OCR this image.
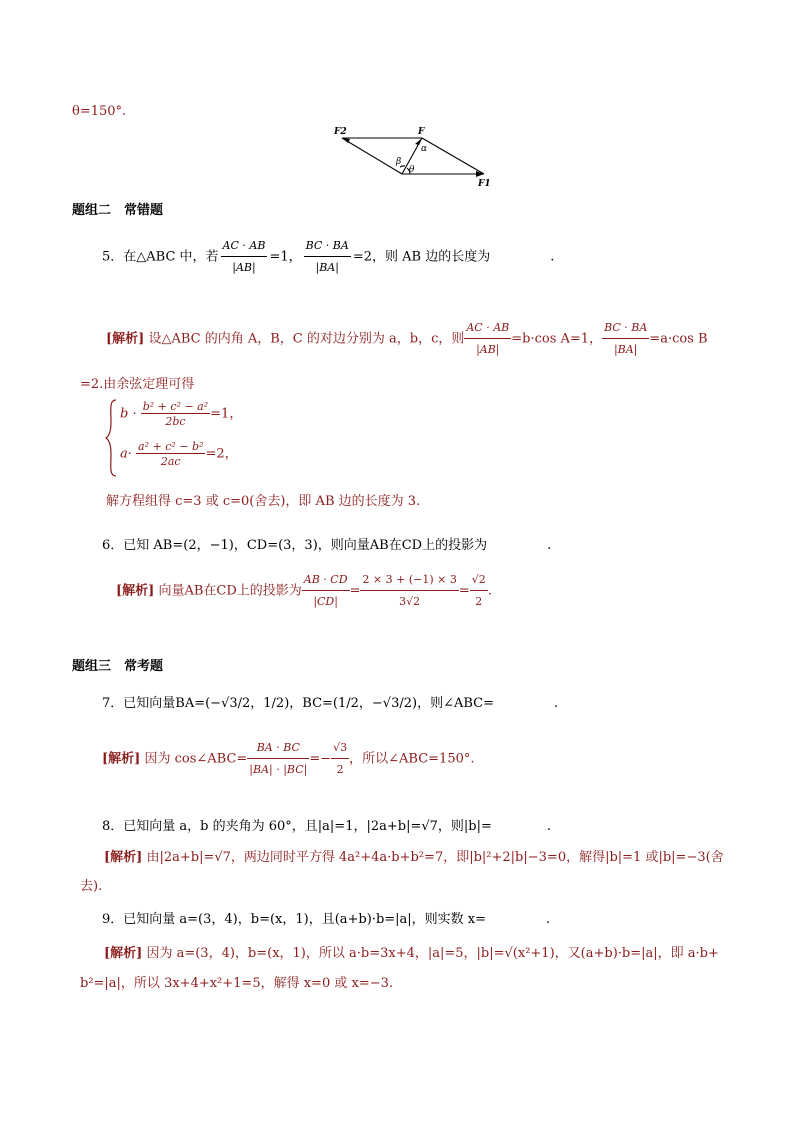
θ=150°.
F2	F
F1
α
β
θ
题组二　常错题
5．在△ABC 中，若 $\frac{AC \cdot AB}{|AB|} =1$， $\frac{BC \cdot BA}{|BA|} =2$，则 AB 边的长度为	.
[解析] 设△ABC 的内角 A，B，C 的对边分别为 a，b，c，则 $\frac{AC \cdot AB}{|AB|} =b\cdot\cos$ A=1， $\frac{BC \cdot BA}{|BA|} =a\cdot\cos$ B
=2.由余弦定理可得
$b \cdot \frac{\text{b² + c² − a²}}{2bc} =1$，
$a\cdot \frac{\text{a² + c² − b²}}{2ac} =2$，
解方程组得 c=3 或 c=0(舍去)，即 AB 边的长度为 3.
6．已知 AB=(2，−1)，CD=(3，3)，则向量AB在CD上的投影为	.
[解析] 向量AB在CD上的投影为 $\frac{AB \cdot CD}{|CD|} = \frac{2 \times 3 + (-1) \times 3}{3√2} = \frac{√2}{2}$ .
题组三　常考题
7．已知向量BA=(−√3/2，1/2)，BC=(1/2，−√3/2)，则∠ABC=	.
[解析] 因为 cos∠ABC= $\frac{BA \cdot BC}{|BA| \cdot |BC|} =- \frac{√3}{2}$ ，所以∠ABC=150°.
8．已知向量 a，b 的夹角为 60°，且|a|=1，|2a+b|=√7，则|b|=	.
[解析] 由|2a+b|=√7，两边同时平方得 4a²+4a·b+b²=7，即|b|²+2|b|−3=0，解得|b|=1 或|b|=−3(舍
去).
9．已知向量 a=(3，4)，b=(x，1)，且(a+b)·b=|a|，则实数 x=	.
[解析] 因为 a=(3，4)，b=(x，1)，所以 a·b=3x+4，|a|=5，|b|=√(x²+1)，又(a+b)·b=|a|，即 a·b+
b²=|a|，所以 3x+4+x²+1=5，解得 x=0 或 x=−3.
